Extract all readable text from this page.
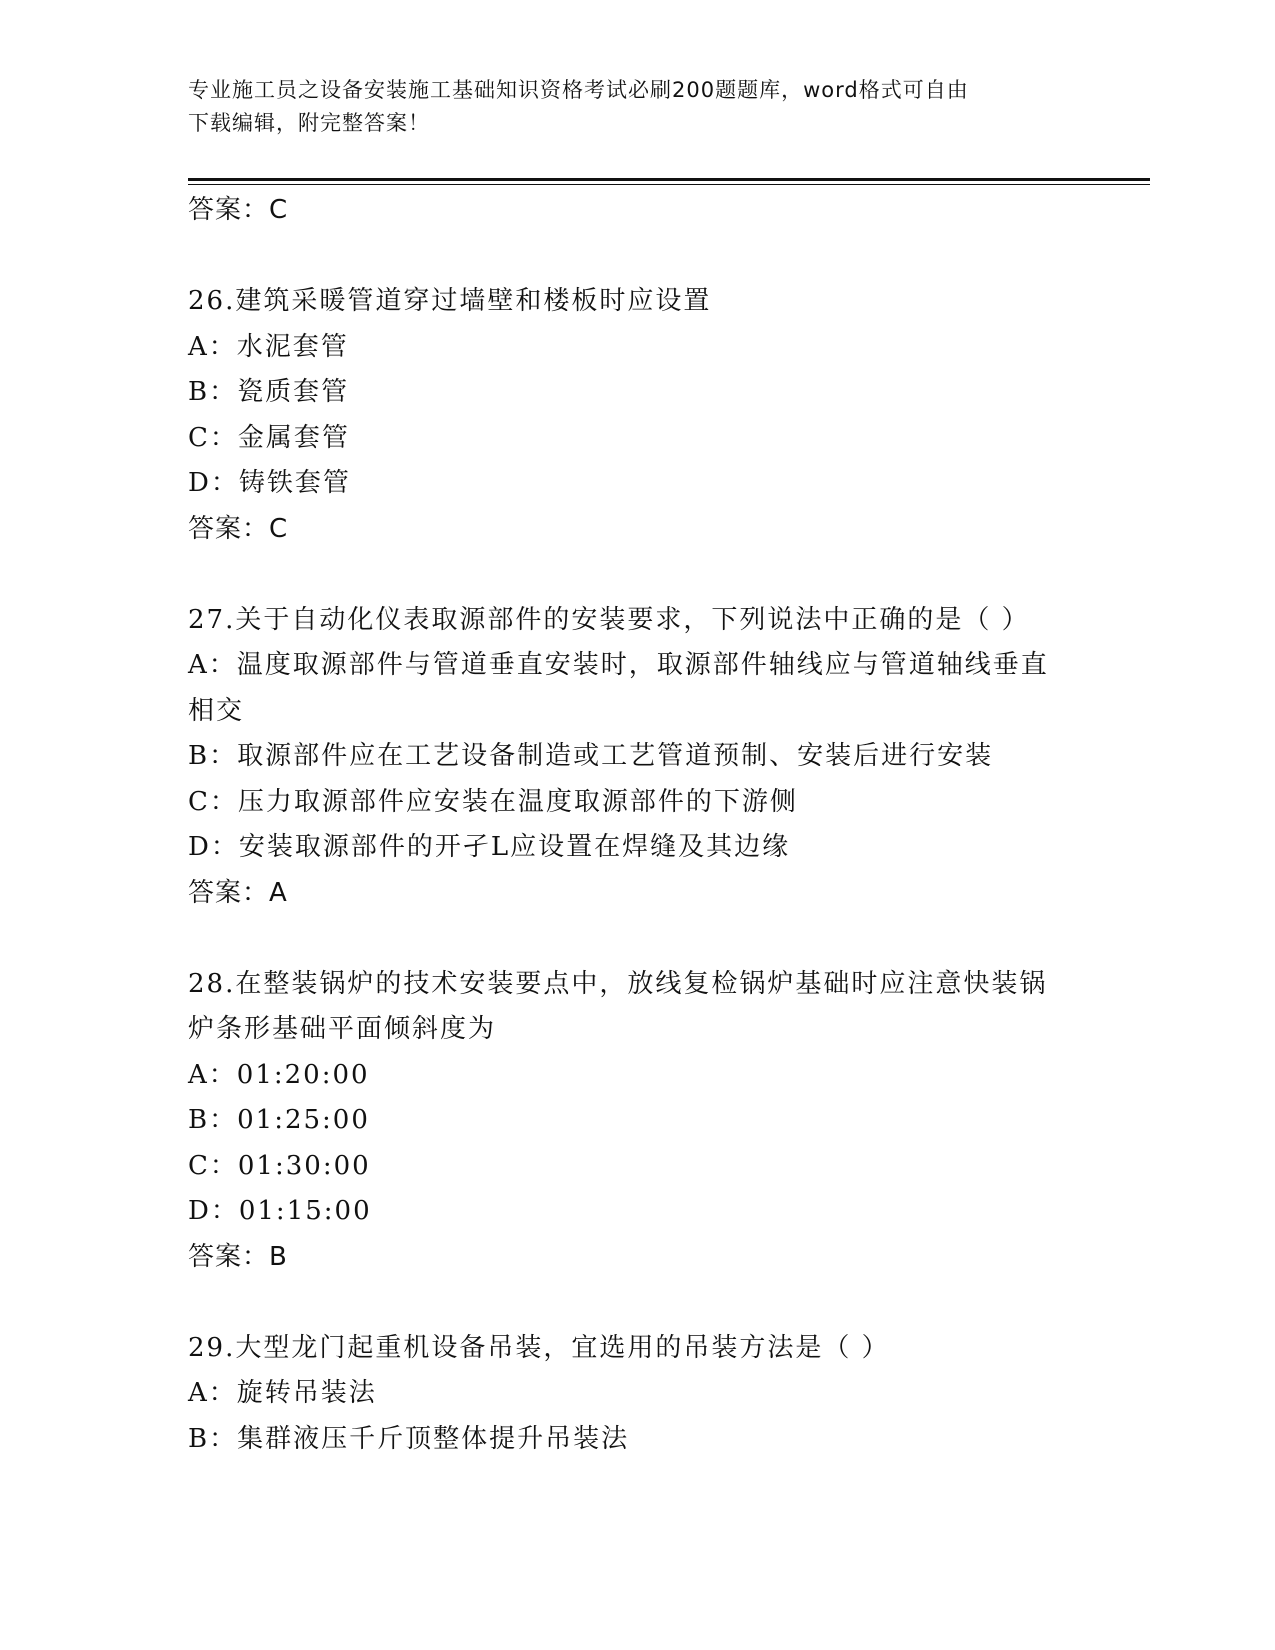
专业施工员之设备安装施工基础知识资格考试必刷200题题库，word格式可自由
下载编辑，附完整答案！
答案：C
26.建筑采暖管道穿过墙壁和楼板时应设置
A：水泥套管
B：瓷质套管
C：金属套管
D：铸铁套管
答案：C
27.关于自动化仪表取源部件的安装要求，下列说法中正确的是（ ）
A：温度取源部件与管道垂直安装时，取源部件轴线应与管道轴线垂直
相交
B：取源部件应在工艺设备制造或工艺管道预制、安装后进行安装
C：压力取源部件应安装在温度取源部件的下游侧
D：安装取源部件的开孑L应设置在焊缝及其边缘
答案：A
28.在整装锅炉的技术安装要点中，放线复检锅炉基础时应注意快装锅
炉条形基础平面倾斜度为
A：01:20:00
B：01:25:00
C：01:30:00
D：01:15:00
答案：B
29.大型龙门起重机设备吊装，宜选用的吊装方法是（ ）
A：旋转吊装法
B：集群液压千斤顶整体提升吊装法
